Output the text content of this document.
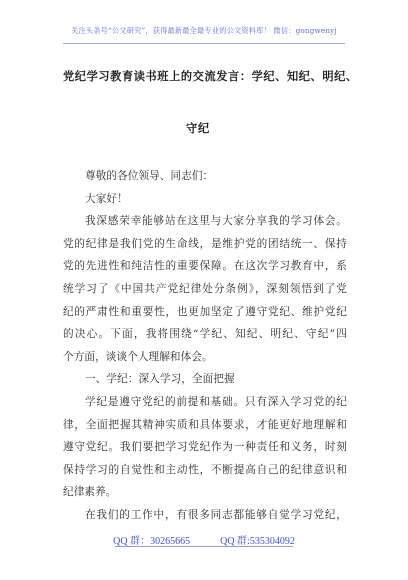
关注头条号“公文研究”，获得最新最全最专业的公文资料库！ 微信：gongwenyj
党纪学习教育读书班上的交流发言：学纪、知纪、明纪、
守纪
尊敬的各位领导、同志们：
大家好！
我深感荣幸能够站在这里与大家分享我的学习体会。
党的纪律是我们党的生命线，是维护党的团结统一、保持
党的先进性和纯洁性的重要保障。在这次学习教育中，系
统学习了《中国共产党纪律处分条例》，深刻领悟到了党
纪的严肃性和重要性，也更加坚定了遵守党纪、维护党纪
的决心。下面，我将围绕“学纪、知纪、明纪、守纪”四
个方面，谈谈个人理解和体会。
一、学纪：深入学习，全面把握
学纪是遵守党纪的前提和基础。只有深入学习党的纪
律，全面把握其精神实质和具体要求，才能更好地理解和
遵守党纪。我们要把学习党纪作为一种责任和义务，时刻
保持学习的自觉性和主动性，不断提高自己的纪律意识和
纪律素养。
在我们的工作中，有很多同志都能够自觉学习党纪，
QQ 群：30265665	QQ 群:535304092
